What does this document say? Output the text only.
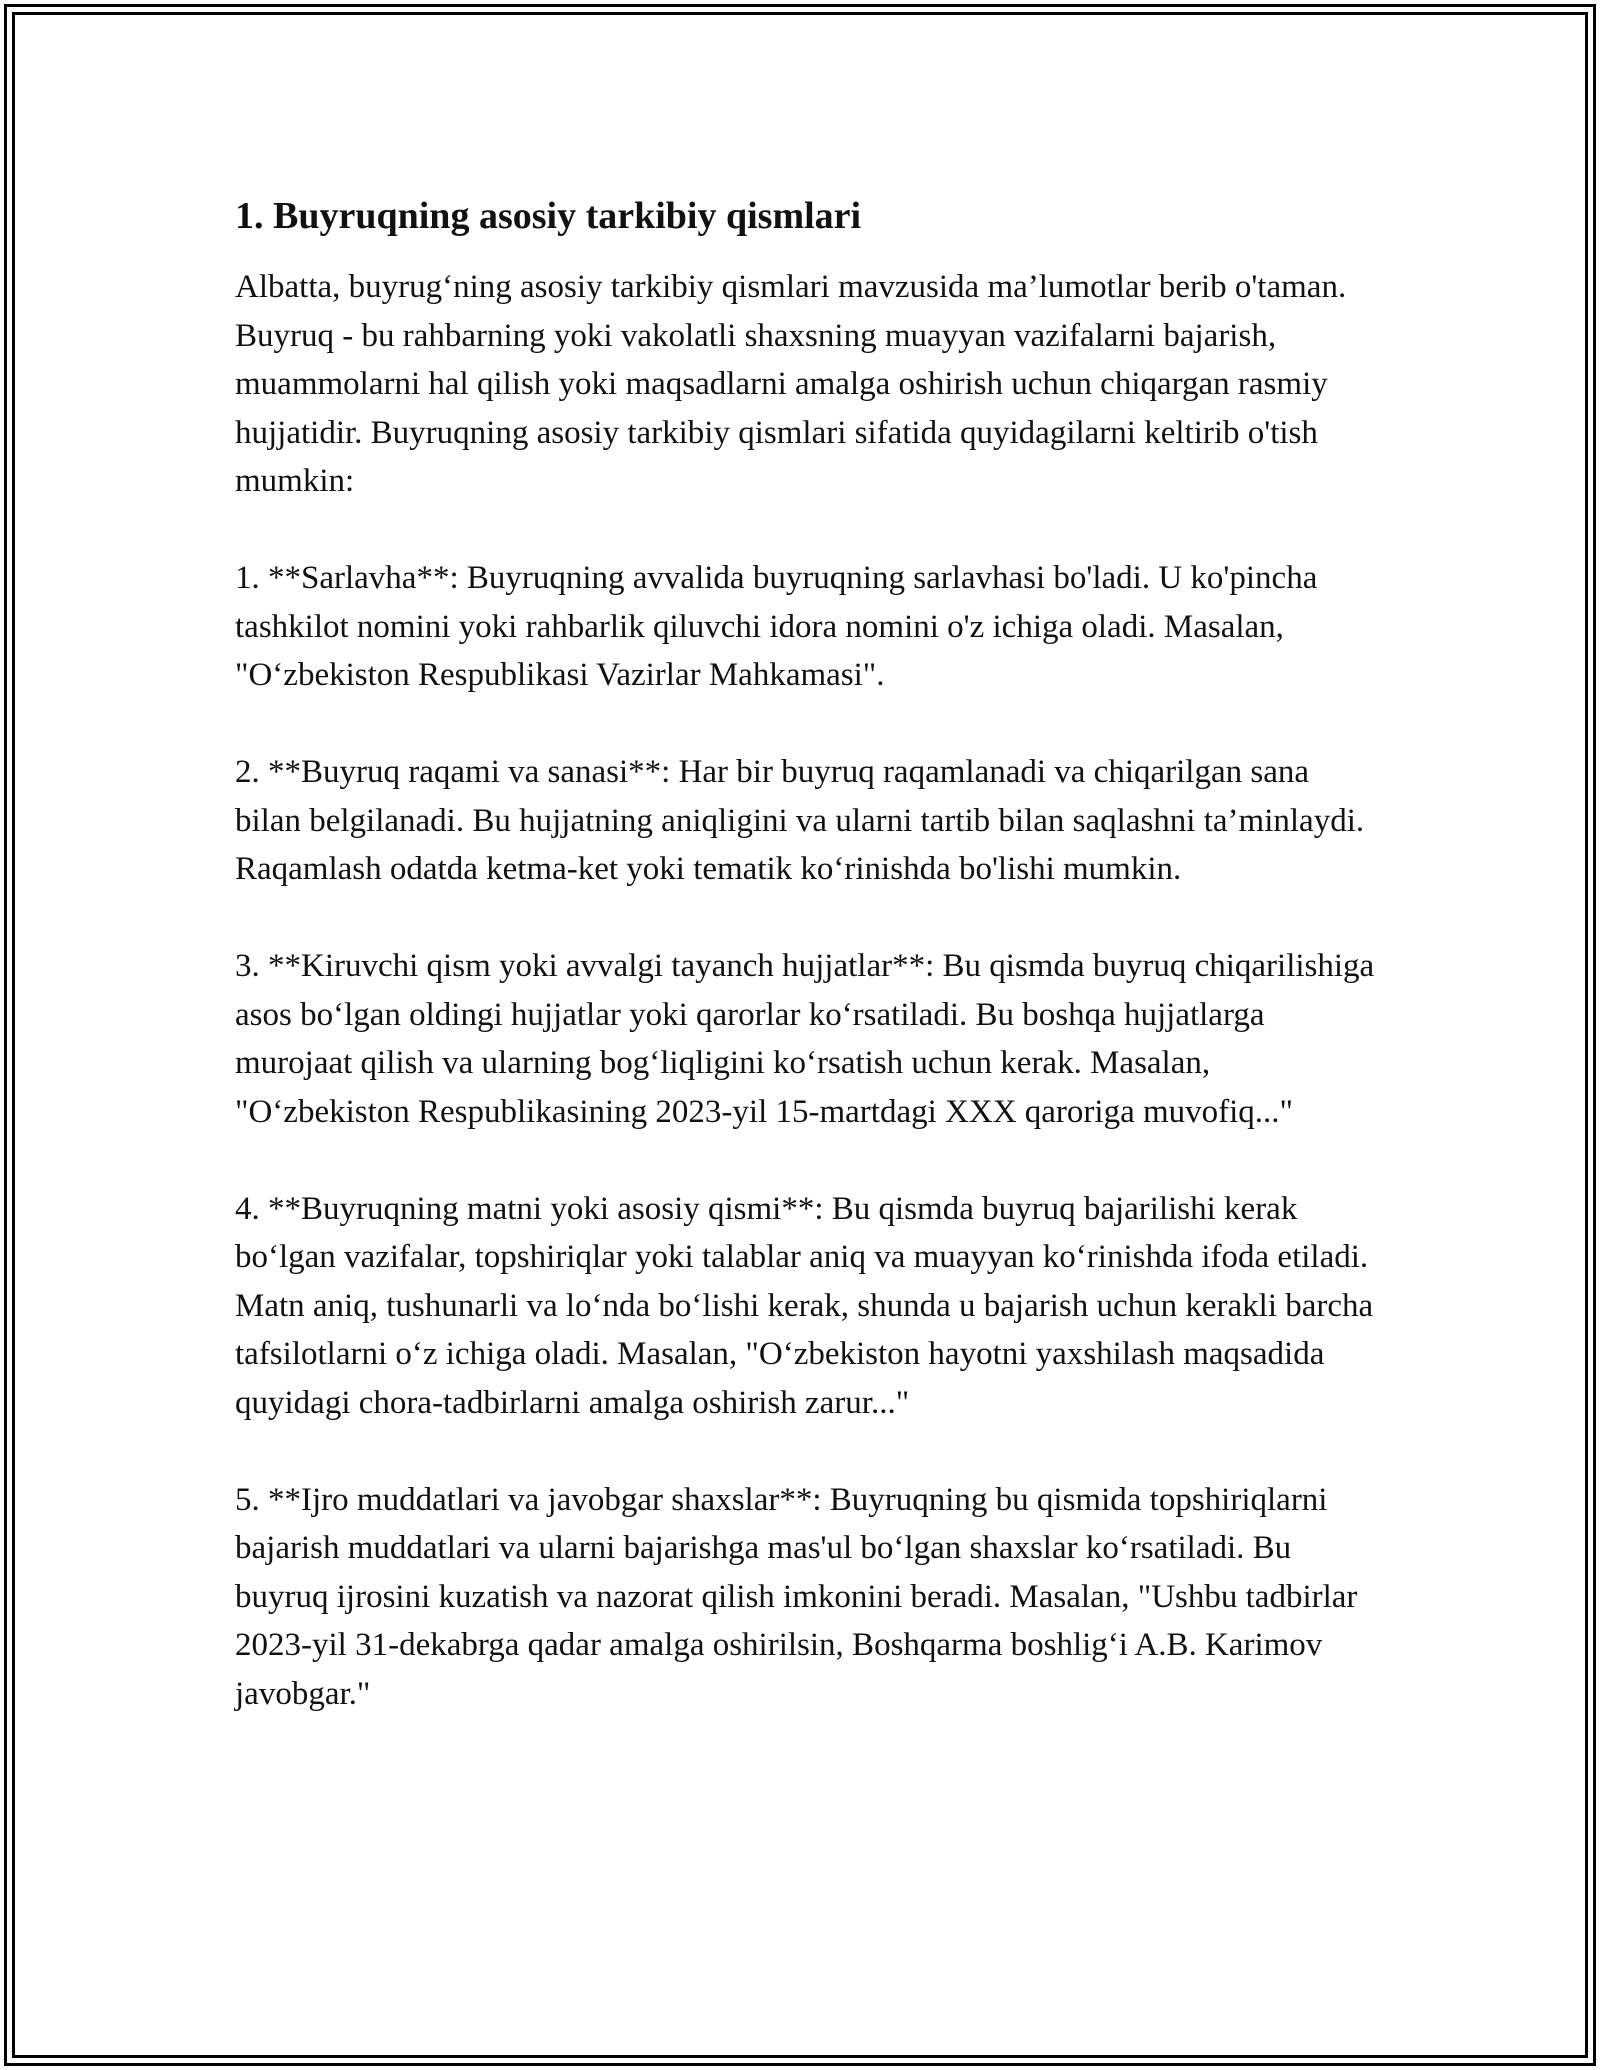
1. Buyruqning asosiy tarkibiy qismlari

Albatta, buyrug‘ning asosiy tarkibiy qismlari mavzusida ma’lumotlar berib o'taman. Buyruq - bu rahbarning yoki vakolatli shaxsning muayyan vazifalarni bajarish, muammolarni hal qilish yoki maqsadlarni amalga oshirish uchun chiqargan rasmiy hujjatidir. Buyruqning asosiy tarkibiy qismlari sifatida quyidagilarni keltirib o'tish mumkin:

1. **Sarlavha**: Buyruqning avvalida buyruqning sarlavhasi bo'ladi. U ko'pincha tashkilot nomini yoki rahbarlik qiluvchi idora nomini o'z ichiga oladi. Masalan, "O‘zbekiston Respublikasi Vazirlar Mahkamasi".

2. **Buyruq raqami va sanasi**: Har bir buyruq raqamlanadi va chiqarilgan sana bilan belgilanadi. Bu hujjatning aniqligini va ularni tartib bilan saqlashni ta’minlaydi. Raqamlash odatda ketma-ket yoki tematik ko‘rinishda bo'lishi mumkin.

3. **Kiruvchi qism yoki avvalgi tayanch hujjatlar**: Bu qismda buyruq chiqarilishiga asos bo‘lgan oldingi hujjatlar yoki qarorlar ko‘rsatiladi. Bu boshqa hujjatlarga murojaat qilish va ularning bog‘liqligini ko‘rsatish uchun kerak. Masalan, "O‘zbekiston Respublikasining 2023-yil 15-martdagi XXX qaroriga muvofiq..."

4. **Buyruqning matni yoki asosiy qismi**: Bu qismda buyruq bajarilishi kerak bo‘lgan vazifalar, topshiriqlar yoki talablar aniq va muayyan ko‘rinishda ifoda etiladi. Matn aniq, tushunarli va lo‘nda bo‘lishi kerak, shunda u bajarish uchun kerakli barcha tafsilotlarni o‘z ichiga oladi. Masalan, "O‘zbekiston hayotni yaxshilash maqsadida quyidagi chora-tadbirlarni amalga oshirish zarur..."

5. **Ijro muddatlari va javobgar shaxslar**: Buyruqning bu qismida topshiriqlarni bajarish muddatlari va ularni bajarishga mas'ul bo‘lgan shaxslar ko‘rsatiladi. Bu buyruq ijrosini kuzatish va nazorat qilish imkonini beradi. Masalan, "Ushbu tadbirlar 2023-yil 31-dekabrga qadar amalga oshirilsin, Boshqarma boshlig‘i A.B. Karimov javobgar."
